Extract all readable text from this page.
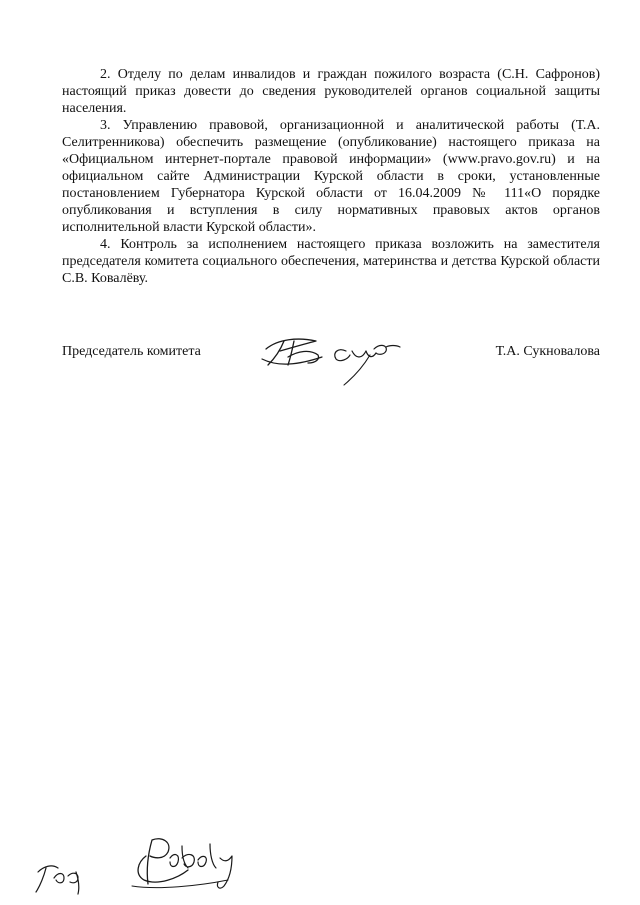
2. Отделу по делам инвалидов и граждан пожилого возраста (С.Н. Сафронов) настоящий приказ довести до сведения руководителей органов социальной защиты населения.

3. Управлению правовой, организационной и аналитической работы (Т.А. Селитренникова) обеспечить размещение (опубликование) настоящего приказа на «Официальном интернет-портале правовой информации» (www.pravo.gov.ru) и на официальном сайте Администрации Курской области в сроки, установленные постановлением Губернатора Курской области от 16.04.2009 № 111«О порядке опубликования и вступления в силу нормативных правовых актов органов исполнительной власти Курской области».

4. Контроль за исполнением настоящего приказа возложить на заместителя председателя комитета социального обеспечения, материнства и детства Курской области С.В. Ковалёву.

Председатель комитета	Т.А. Сукновалова
